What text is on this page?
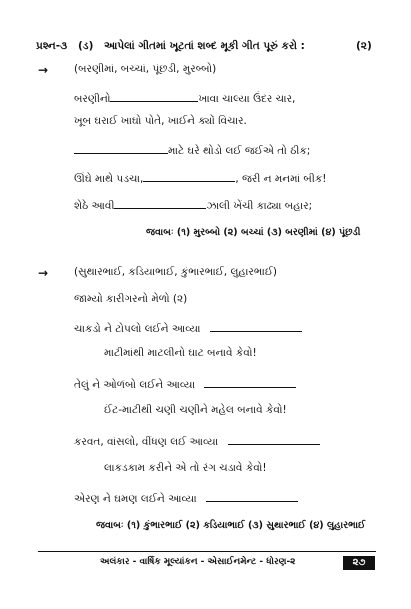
પ્રશ્ન-૩ (ડ) આપેલાં ગીતમાં ખૂટતાં શબ્દ મૂકી ગીત પૂરું કરો :	(૨)
→ (બરણીમાં, બચ્ચાં, પૂંછડી, મુરબ્બો)
બરણીનો	ખાવા ચાલ્યા ઉંદર ચાર,
ખૂબ ઘરાઈ ખાઘો પોતે, ખાઈને ક્યોં વિચાર.
માટે ઘરે થોડો લઈ જઈએ તો ઠીક;
ઊંઘે માથે પડચા,	, જરી ન મનમાં બીક!
શેઠે આવી	ઝાલી ખેંચી કાઢ્યા બહાર;
જવાબઃ (૧) મુરબ્બો (૨) બચ્ચાં (૩) બરણીમાં (૪) પૂંછડી
→ (સુથારભાઈ, કડિયાભાઈ, કુંભારભાઈ, લુહારભાઈ)
જામ્યો કારીગરનો મેળો (૨)
ચાકડો ને ટોપલો લઈને આવ્યા
માટીમાંથી માટલીનો ઘાટ બનાવે કેવો!
તેલું ને ઓળંબો લઈને આવ્યા
ઈંટ-માટીથી ચણી ચણીને મહેલ બનાવે કેવો!
કરવત, વાંસલો, વીંધણ લઈ આવ્યા
લાકડકામ કરીને એ તો રંગ ચડાવે કેવો!
એરણ ને ઘમણ લઈને આવ્યા
જવાબઃ (૧) કુંભારભાઈ (૨) કડિયાભાઈ (૩) સુથારભાઈ (૪) લુહારભાઈ
અલંકાર - વાર્ષિક મૂલ્યાંકન - એસાઈનમેન્ટ - ધોરણ-૨	૨૭
